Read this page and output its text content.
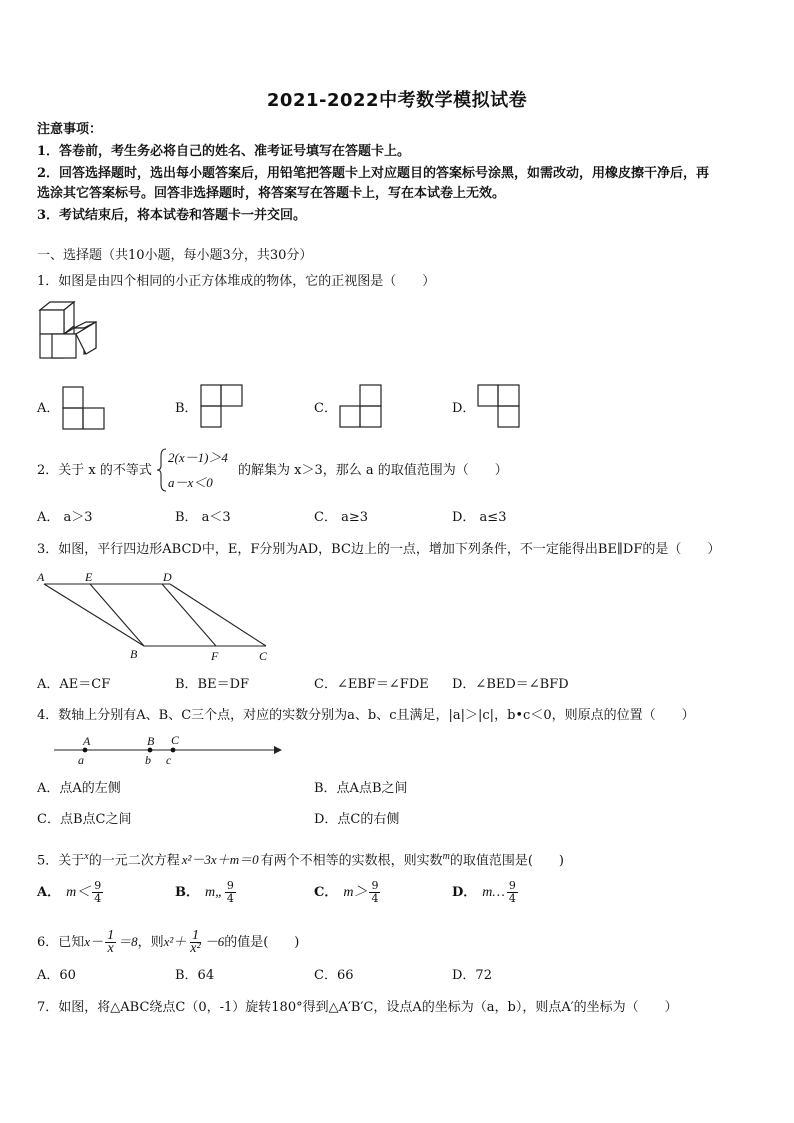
2021-2022中考数学模拟试卷
注意事项：
1．答卷前，考生务必将自己的姓名、准考证号填写在答题卡上。
2．回答选择题时，选出每小题答案后，用铅笔把答题卡上对应题目的答案标号涂黑，如需改动，用橡皮擦干净后，再
选涂其它答案标号。回答非选择题时，将答案写在答题卡上，写在本试卷上无效。
3．考试结束后，将本试卷和答题卡一并交回。
一、选择题（共10小题，每小题3分，共30分）
1．如图是由四个相同的小正方体堆成的物体，它的正视图是（　　）
A．	B．	C．	D．
2．关于 x 的不等式
2(x－1)＞4
a－x＜0
的解集为 x＞3，那么 a 的取值范围为（　　）
A． a＞3	B． a＜3	C． a≥3	D． a≤3
3．如图，平行四边形ABCD中，E，F分别为AD，BC边上的一点，增加下列条件，不一定能得出BE∥DF的是（　　）
A	E	D
B	F	C
A．AE＝CF	B．BE＝DF	C．∠EBF＝∠FDE D．∠BED＝∠BFD
4．数轴上分别有A、B、C三个点，对应的实数分别为a、b、c且满足，|a|＞|c|，b•c＜0，则原点的位置（　　）
A	B C
a	b c
A．点A的左侧	B．点A点B之间
C．点B点C之间	D．点C的右侧
5．关于$^x$的一元二次方程 x²－3x＋m＝0 有两个不相等的实数根，则实数$^m$的取值范围是(　　)
A． $m< \frac{9}{4}$	B． m„ $\frac{9}{4}$	C． $m> \frac{9}{4}$	D． m… $\frac{9}{4}$
6．已知$x- \frac{1}{x} =8$，则$x^2+ \frac{1}{\text{x²}} -6$的值是(　　)
A．60	B．64	C．66	D．72
7．如图，将△ABC绕点C（0，-1）旋转180°得到△A′B′C，设点A的坐标为（a，b），则点A′的坐标为（　　）
